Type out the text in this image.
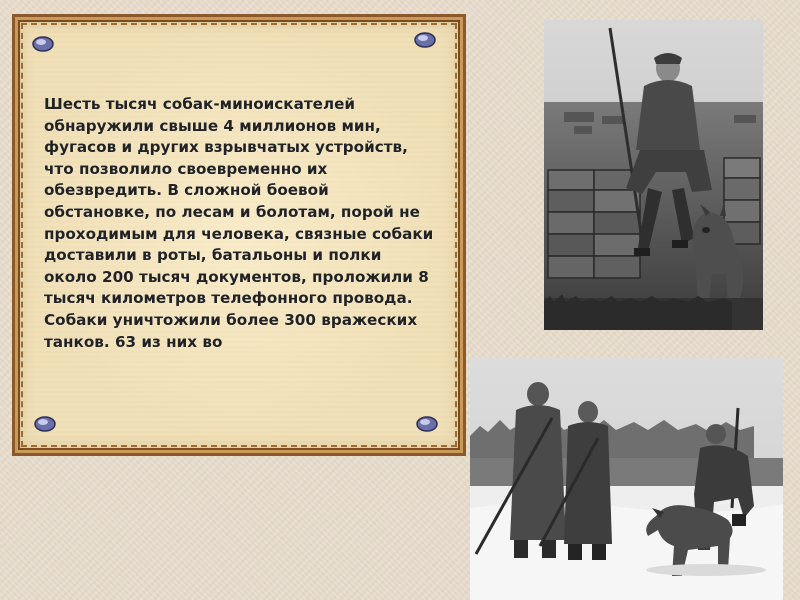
Шесть тысяч собак-миноискателей обнаружили свыше 4 миллионов мин, фугасов и других взрывчатых устройств, что позволило своевременно их обезвредить. В сложной боевой обстановке, по лесам и болотам, порой не проходимым для человека, связные собаки доставили в роты, батальоны и полки около 200 тысяч документов, проложили 8 тысяч километров телефонного провода. Собаки уничтожили более 300 вражеских танков. 63 из них во
